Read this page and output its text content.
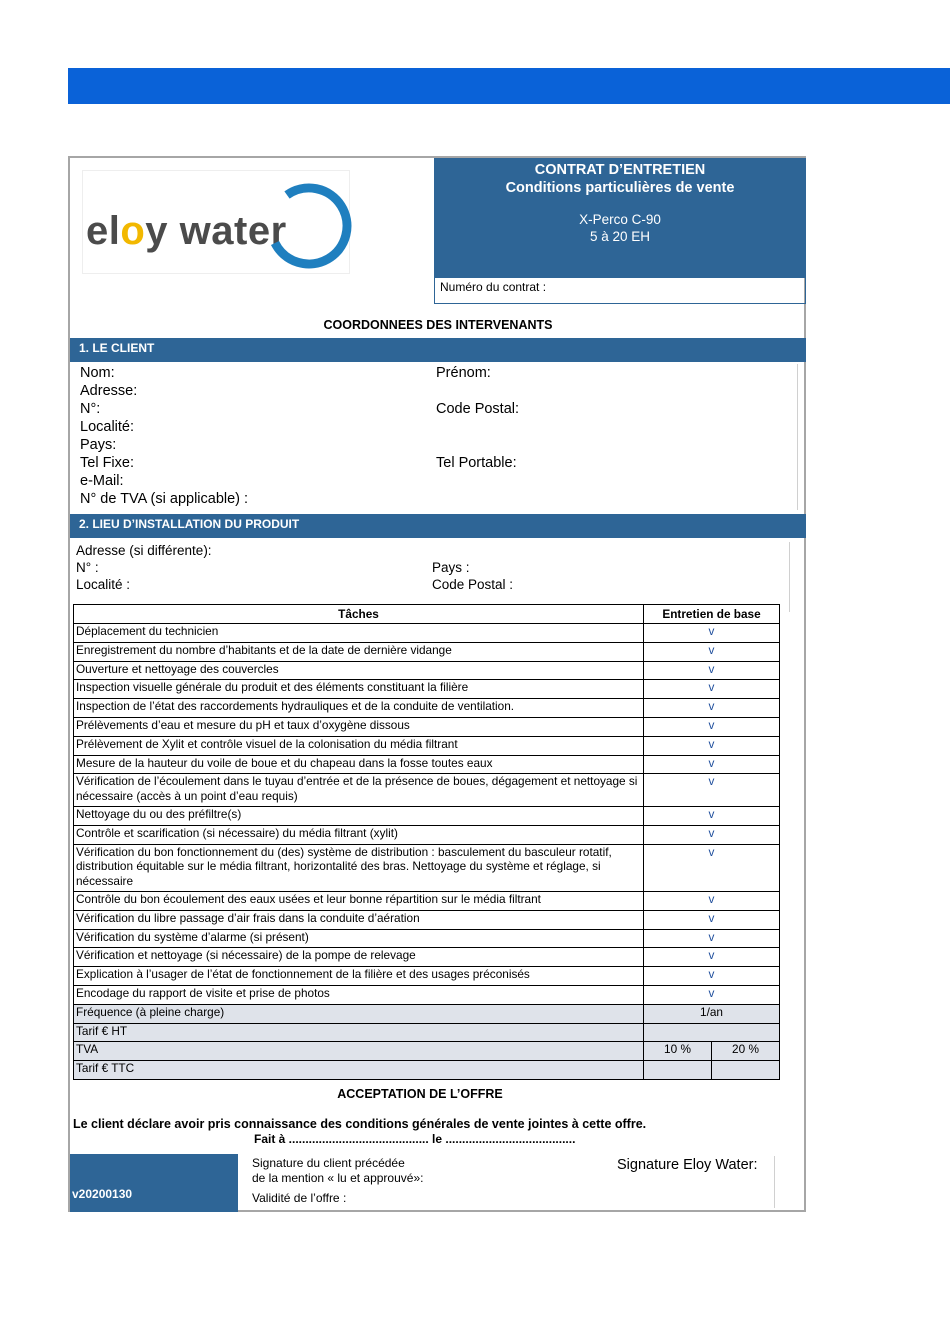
eloy water
CONTRAT D’ENTRETIEN
Conditions particulières de vente
X-Perco C-90
5 à 20 EH
Numéro du contrat :
COORDONNEES DES INTERVENANTS
1. LE CLIENT
Nom:	Prénom:
Adresse:
N°:	Code Postal:
Localité:
Pays:
Tel Fixe:	Tel Portable:
e-Mail:
N° de TVA (si applicable) :
2. LIEU D’INSTALLATION DU PRODUIT
Adresse (si différente):
N° :	Pays :
Localité :	Code Postal :
Tâches	Entretien de base	
Déplacement du technicien	v	
Enregistrement du nombre d’habitants et de la date de dernière vidange	v	
Ouverture et nettoyage des couvercles	v	
Inspection visuelle générale du produit et des éléments constituant la filière	v	
Inspection de l’état des raccordements hydrauliques et de la conduite de ventilation.	v	
Prélèvements d’eau et mesure du pH et taux d’oxygène dissous	v	
Prélèvement de Xylit et contrôle visuel de la colonisation du média filtrant	v	
Mesure de la hauteur du voile de boue et du chapeau dans la fosse toutes eaux	v	
Vérification de l’écoulement dans le tuyau d’entrée et de la présence de boues, dégagement et nettoyage si nécessaire (accès à un point d’eau requis)	v	
Nettoyage du ou des préfiltre(s)	v	
Contrôle et scarification (si nécessaire) du média filtrant (xylit)	v	
Vérification du bon fonctionnement du (des) système de distribution : basculement du basculeur rotatif, distribution équitable sur le média filtrant, horizontalité des bras. Nettoyage du système et réglage, si nécessaire	v	
Contrôle du bon écoulement des eaux usées et leur bonne répartition sur le média filtrant	v	
Vérification du libre passage d’air frais dans la conduite d’aération	v	
Vérification du système d’alarme (si présent)	v	
Vérification et nettoyage (si nécessaire) de la pompe de relevage	v	
Explication à l’usager de l’état de fonctionnement de la filière et des usages préconisés	v	
Encodage du rapport de visite et prise de photos	v	
Fréquence (à pleine charge)	1/an	
Tarif € HT		
TVA	10 %	20 %
Tarif € TTC		
ACCEPTATION DE L’OFFRE
Le client déclare avoir pris connaissance des conditions générales de vente jointes à cette offre.
Fait à .......................................... le .......................................
v20200130
Signature du client précédée
de la mention « lu et approuvé»:
Validité de l’offre :
Signature Eloy Water:
